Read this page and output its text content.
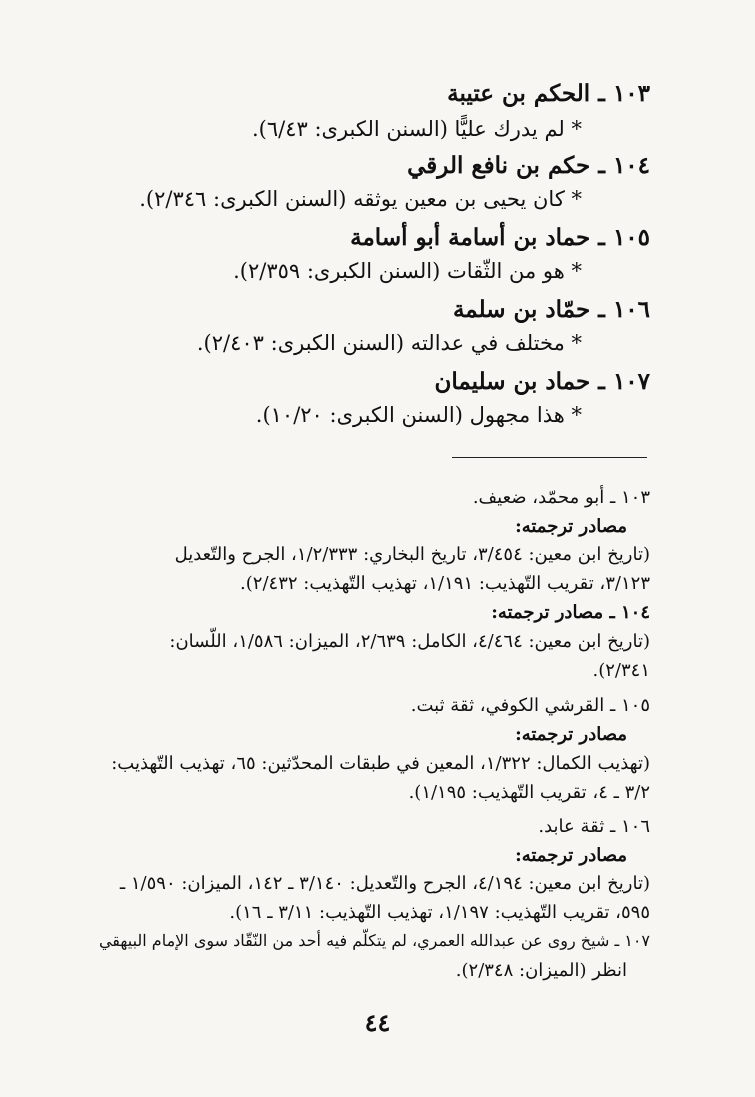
١٠٣ ـ الحكم بن عتيبة
* لم يدرك عليًّا (السنن الكبرى: ٦/٤٣).
١٠٤ ـ حكم بن نافع الرقي
* كان يحيى بن معين يوثقه (السنن الكبرى: ٢/٣٤٦).
١٠٥ ـ حماد بن أسامة أبو أسامة
* هو من الثّقات (السنن الكبرى: ٢/٣٥٩).
١٠٦ ـ حمّاد بن سلمة
* مختلف في عدالته (السنن الكبرى: ٢/٤٠٣).
١٠٧ ـ حماد بن سليمان
* هذا مجهول (السنن الكبرى: ١٠/٢٠).
١٠٣ ـ أبو محمّد، ضعيف.
مصادر ترجمته:
(تاريخ ابن معين: ٣/٤٥٤، تاريخ البخاري: ١/٢/٣٣٣، الجرح والتّعديل
٣/١٢٣، تقريب التّهذيب: ١/١٩١، تهذيب التّهذيب: ٢/٤٣٢).
١٠٤ ـ مصادر ترجمته:
(تاريخ ابن معين: ٤/٤٦٤، الكامل: ٢/٦٣٩، الميزان: ١/٥٨٦، اللّسان:
٢/٣٤١).
١٠٥ ـ القرشي الكوفي، ثقة ثبت.
مصادر ترجمته:
(تهذيب الكمال: ١/٣٢٢، المعين في طبقات المحدّثين: ٦٥، تهذيب التّهذيب:
٣/٢ ـ ٤، تقريب التّهذيب: ١/١٩٥).
١٠٦ ـ ثقة عابد.
مصادر ترجمته:
(تاريخ ابن معين: ٤/١٩٤، الجرح والتّعديل: ٣/١٤٠ ـ ١٤٢، الميزان: ١/٥٩٠ ـ
٥٩٥، تقريب التّهذيب: ١/١٩٧، تهذيب التّهذيب: ٣/١١ ـ ١٦).
١٠٧ ـ شيخ روى عن عبدالله العمري، لم يتكلّم فيه أحد من النّقّاد سوى الإمام البيهقي
انظر (الميزان: ٢/٣٤٨).
٤٤
